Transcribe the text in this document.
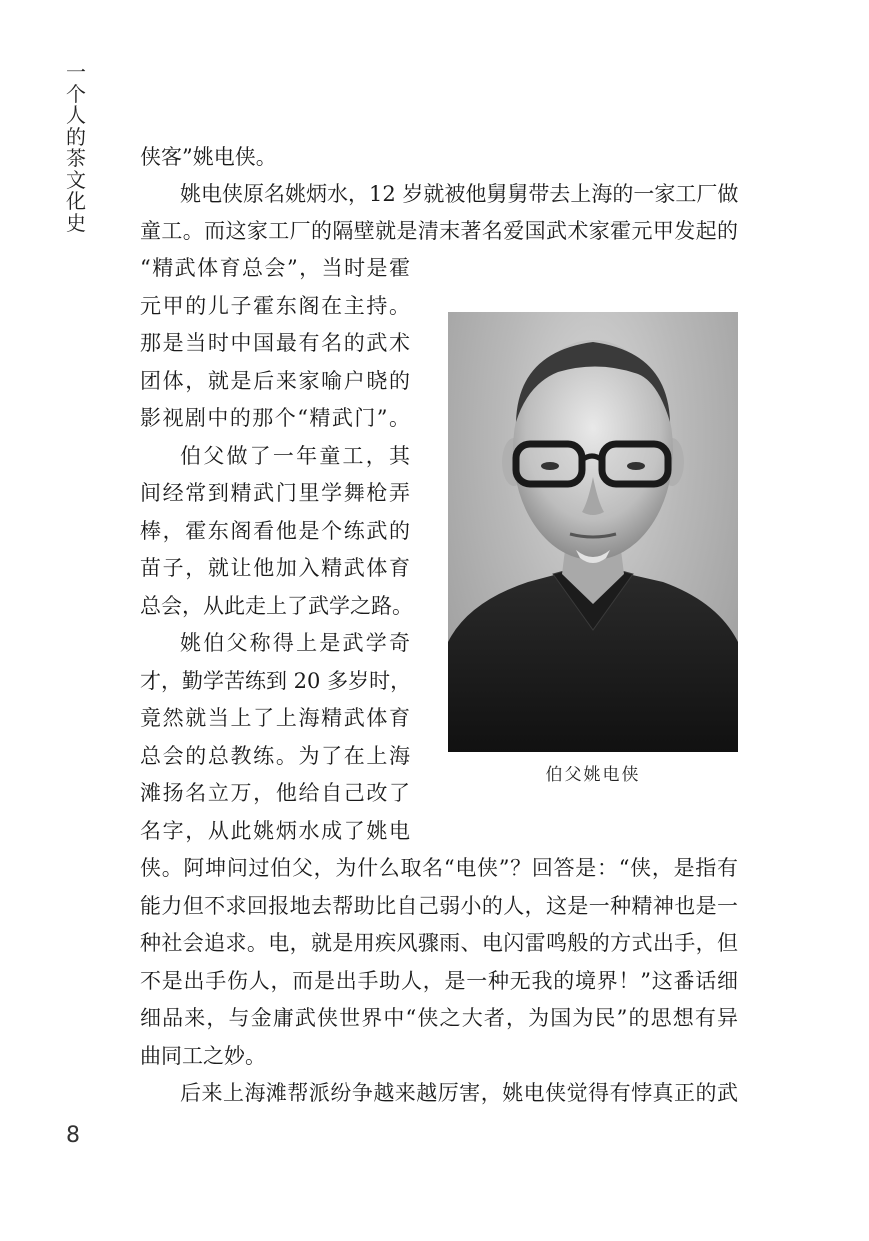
一
个
人
的
茶
文
化
史
侠客”姚电侠。
姚电侠原名姚炳水，12 岁就被他舅舅带去上海的一家工厂做
童工。而这家工厂的隔壁就是清末著名爱国武术家霍元甲发起的
“精武体育总会”，当时是霍
元甲的儿子霍东阁在主持。
那是当时中国最有名的武术
团体，就是后来家喻户晓的
影视剧中的那个“精武门”。
伯父做了一年童工，其
间经常到精武门里学舞枪弄
棒，霍东阁看他是个练武的
苗子，就让他加入精武体育
总会，从此走上了武学之路。
姚伯父称得上是武学奇
才，勤学苦练到 20 多岁时，
竟然就当上了上海精武体育
总会的总教练。为了在上海
滩扬名立万，他给自己改了
名字，从此姚炳水成了姚电
侠。阿坤问过伯父，为什么取名“电侠”？回答是：“侠，是指有
能力但不求回报地去帮助比自己弱小的人，这是一种精神也是一
种社会追求。电，就是用疾风骤雨、电闪雷鸣般的方式出手，但
不是出手伤人，而是出手助人，是一种无我的境界！”这番话细
细品来，与金庸武侠世界中“侠之大者，为国为民”的思想有异
曲同工之妙。
后来上海滩帮派纷争越来越厉害，姚电侠觉得有悖真正的武
伯父姚电侠
8
